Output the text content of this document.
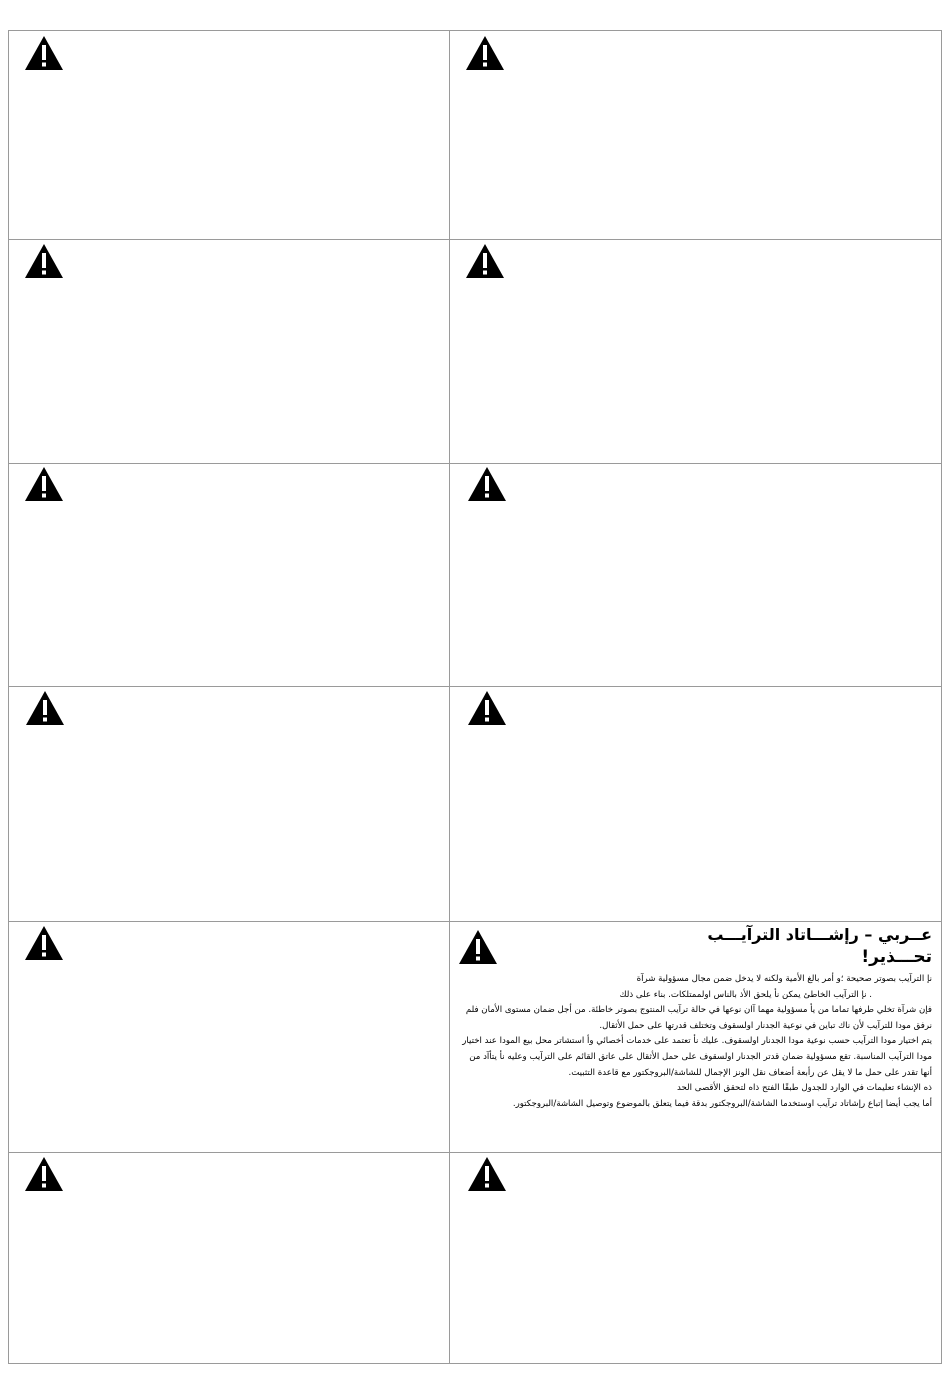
عــربي – رإشـــاتاد الترآيـــب
تحـــذير!

نإ الترآيب بصوتر صحيحة ؛و أمر بالغ الأمية ولكنه لا يدخل ضمن مجال مسؤولية شرآة

. نإ الترآيب الخاطئ يمكن نأ يلحق الأذ بالناس اولممتلكات. بناء على ذلك

فإن شرآة تخلي طرفها تماما من يأ مسؤولية مهما آان نوعها في حالة ترآيب المنتوج بصوتر خاطئة. من أجل ضمان مستوى الأمان فلم نرفق مودا للترآيب لأن ناك تباين في نوعية الجدنار اولسقوف وتختلف قدرتها على حمل الأثقال.

يتم اختيار مودا الترآيب حسب نوعية مودا الجدنار اولسقوف. عليك نأ تعتمد على خدمات أخصائي وأ استشاتر محل بيع المودا عند اختيار مودا الترآيب المناسبة. تقع مسؤولية ضمان قدتر الجدنار اولسقوف على حمل الأثقال على عاتق القائم على الترآيب وعليه نأ يتأآد من أنها تقدر على حمل ما لا يقل عن رأبعة أضعاف نقل الونز الإجمال للشاشة/البروجكتور مع قاعدة التثبيت.

ذه الإنشاء تعليمات في الوارد للجدول طبقًا الفتح ذاه لتحقق الأقصى الحد

أما يجب أيضا إتباع رإشاتاد ترآيب اوستخدما الشاشة/البروجكتور بدقة فيما يتعلق بالموضوع وتوصيل الشاشة/البروجكتور.
